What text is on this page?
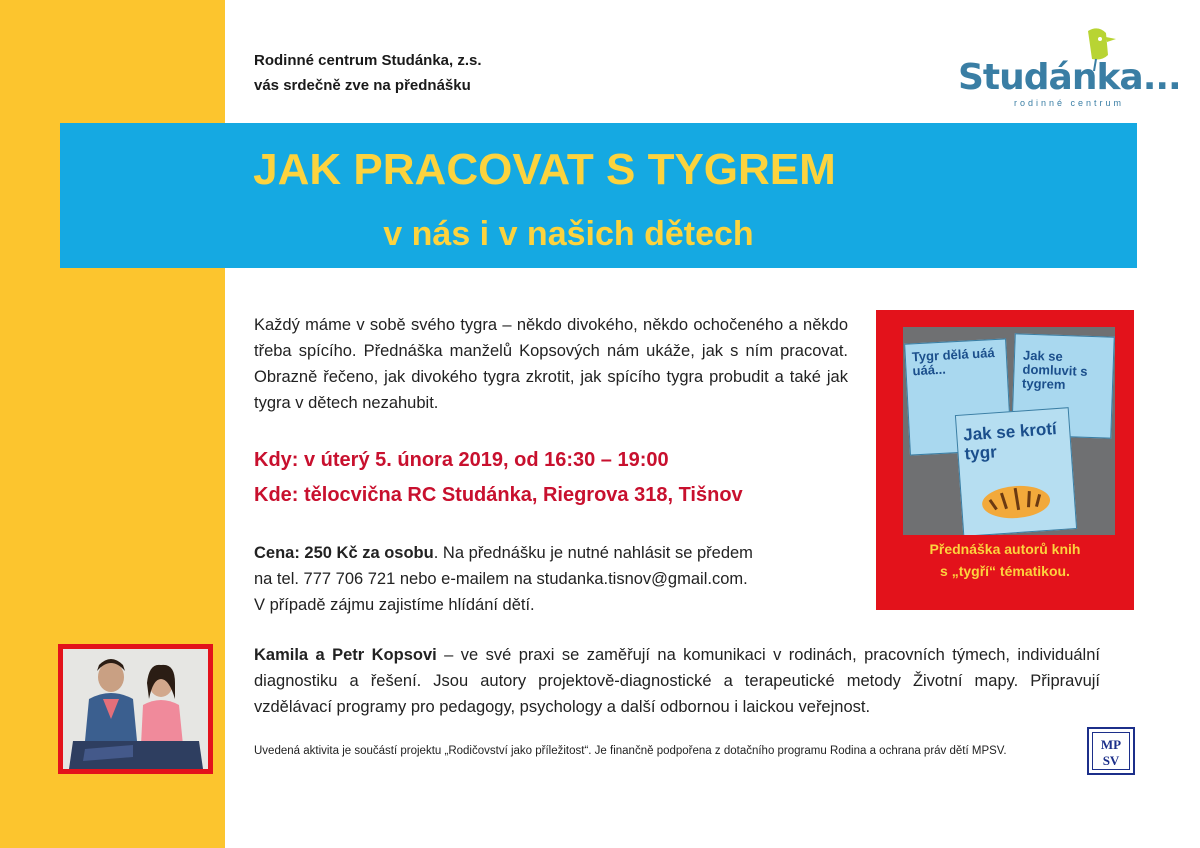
Rodinné centrum Studánka, z.s.
vás srdečně zve na přednášku	Studánka...
rodinné centrum
JAK PRACOVAT S TYGREM
v nás i v našich dětech
Každý máme v sobě svého tygra – někdo divokého, někdo ochočeného a někdo třeba spícího. Přednáška manželů Kopsových nám ukáže, jak s ním pracovat. Obrazně řečeno, jak divokého tygra zkrotit, jak spícího tygra probudit a také jak tygra v dětech nezahubit.
Kdy: v úterý 5. února 2019, od 16:30 – 19:00
Kde: tělocvična RC Studánka, Riegrova 318, Tišnov
Cena: 250 Kč za osobu. Na přednášku je nutné nahlásit se předem
na tel. 777 706 721 nebo e-mailem na studanka.tisnov@gmail.com.
V případě zájmu zajistíme hlídání dětí.
Tygr dělá uáá uáá...
Jak se domluvit s tygrem
Jak se krotí tygr
Přednáška autorů knih
s „tygří“ tématikou.
Kamila a Petr Kopsovi – ve své praxi se zaměřují na komunikaci v rodinách, pracovních týmech, individuální diagnostiku a řešení. Jsou autory projektově-diagnostické a terapeutické metody Životní mapy. Připravují vzdělávací programy pro pedagogy, psychology a další odbornou i laickou veřejnost.
Uvedená aktivita je součástí projektu „Rodičovství jako příležitost“. Je finančně podpořena z dotačního programu Rodina a ochrana práv dětí MPSV.	MP
SV
